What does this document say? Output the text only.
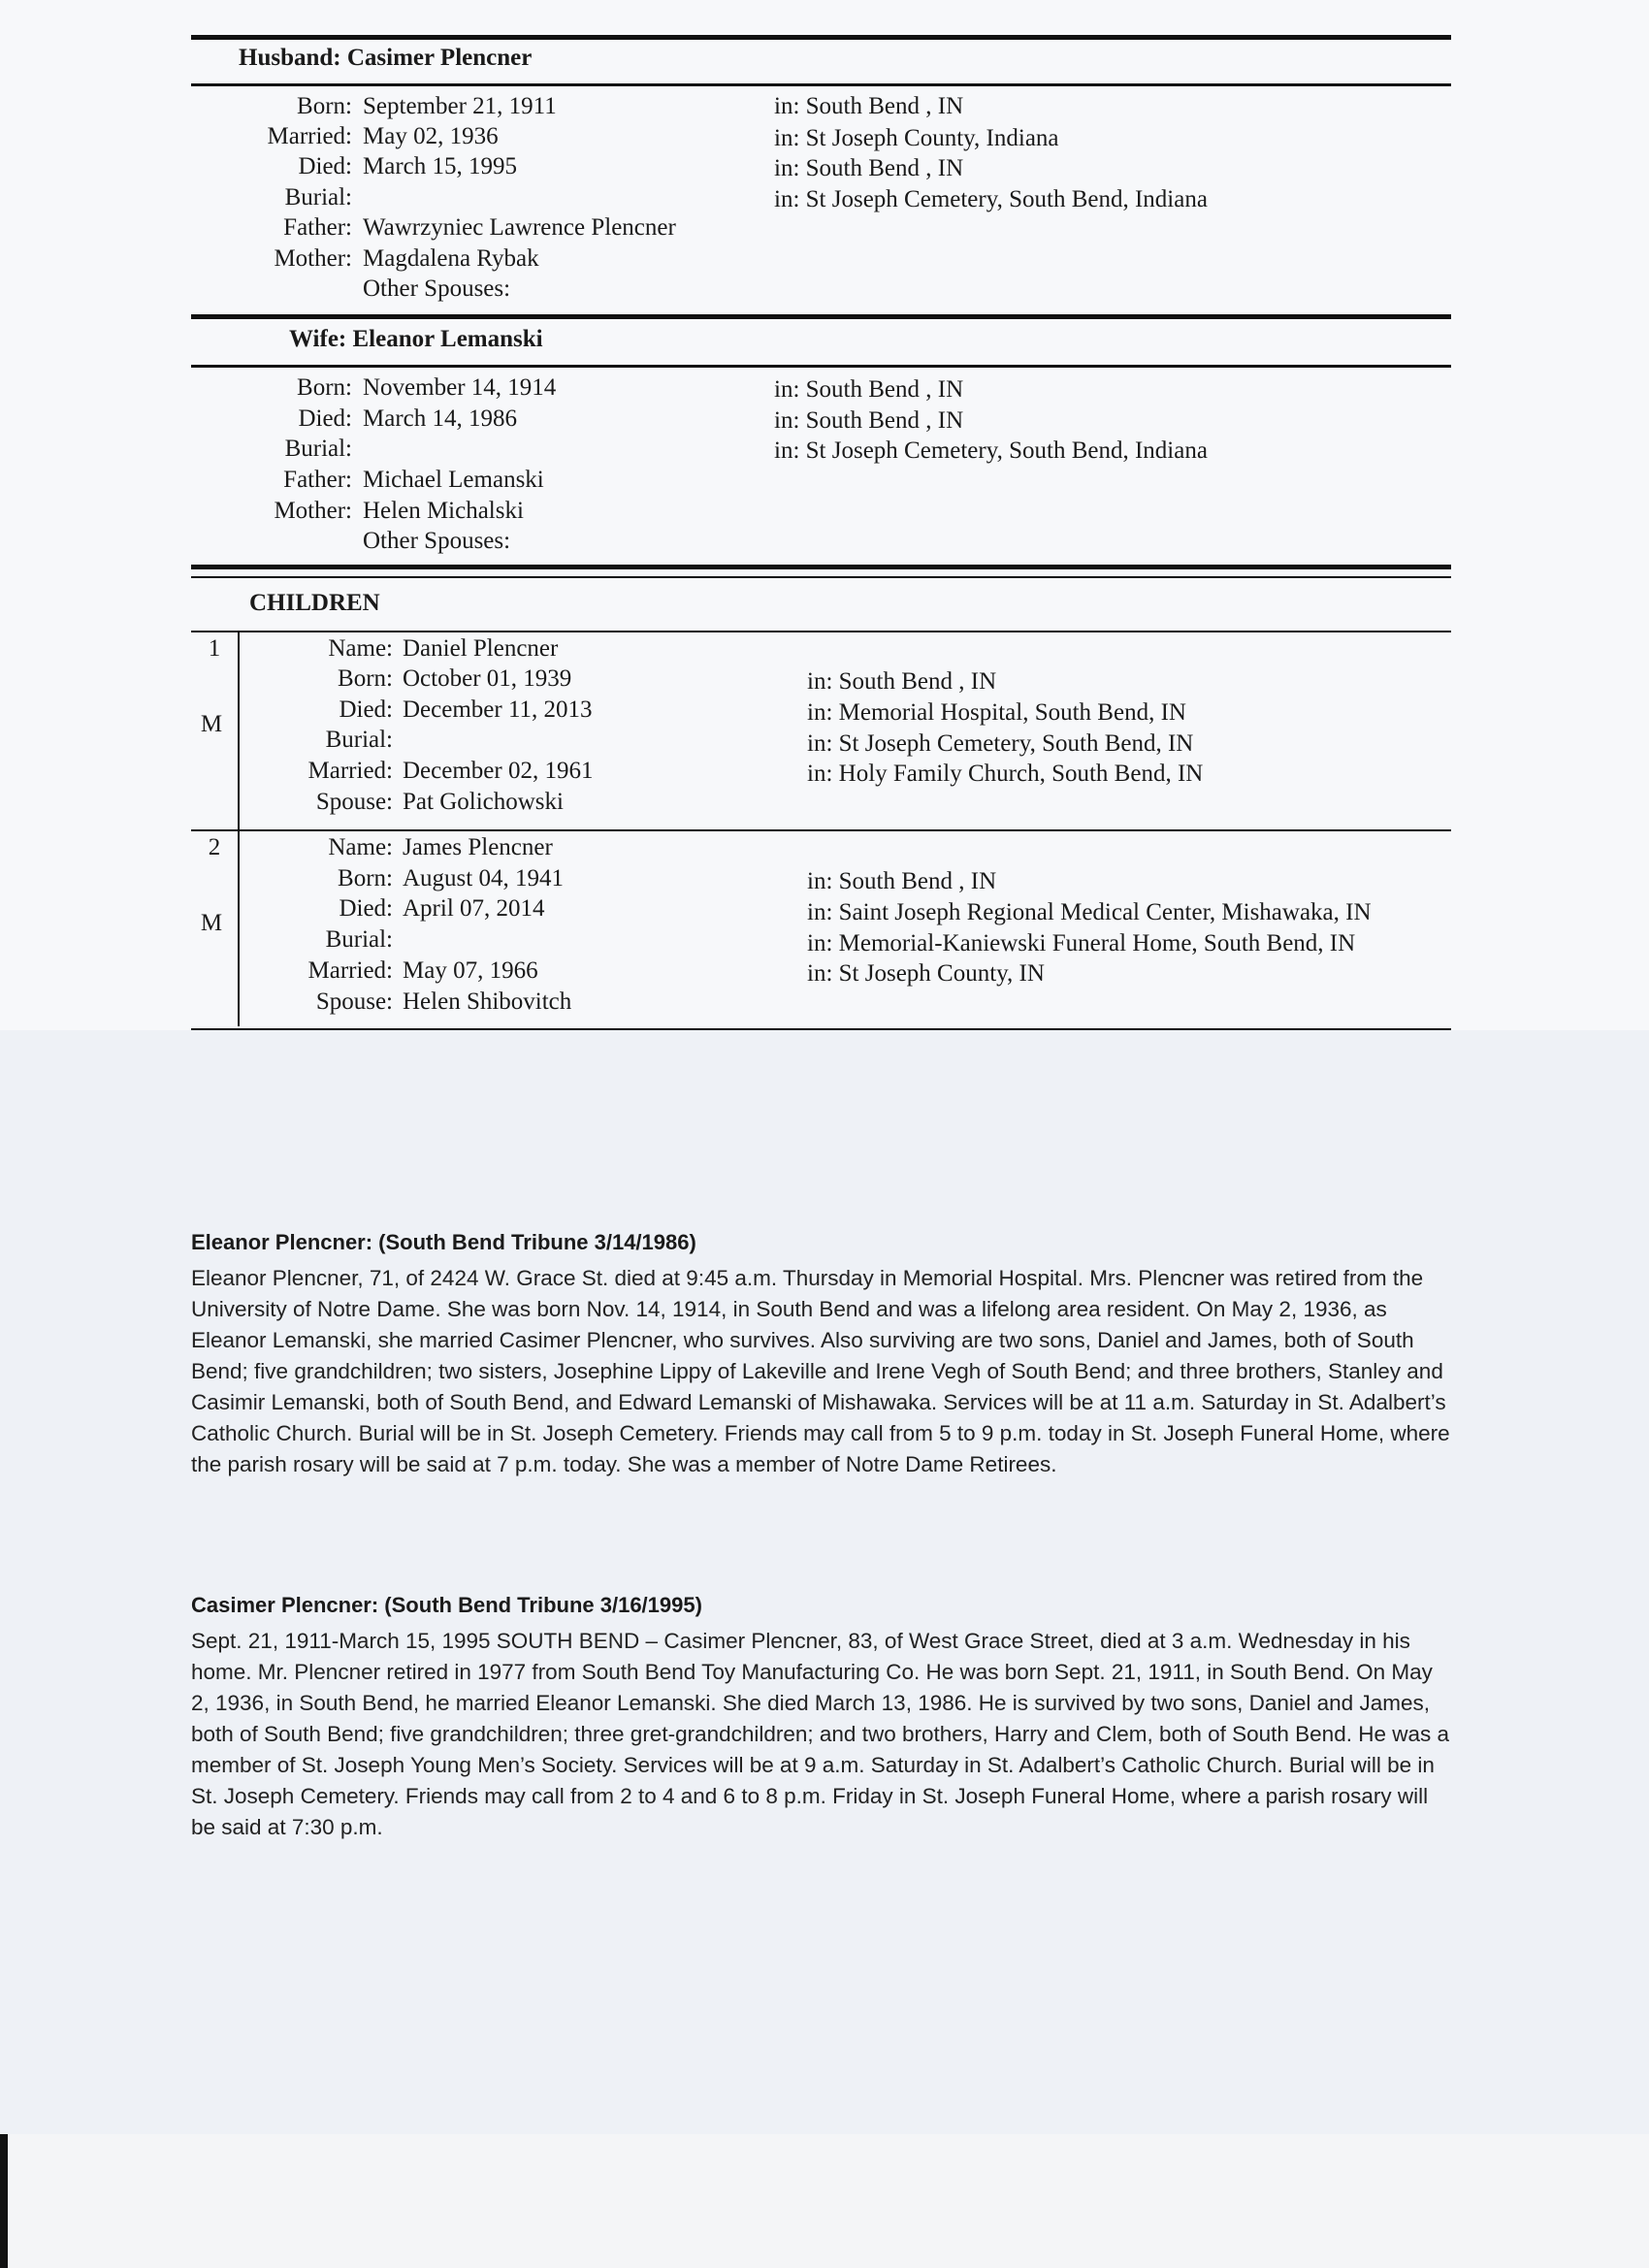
Husband: Casimer Plencner
Born: September 21, 1911	in: South Bend , IN
Married: May 02, 1936	in: St Joseph County, Indiana
Died: March 15, 1995	in: South Bend , IN
Burial:	in: St Joseph Cemetery, South Bend, Indiana
Father: Wawrzyniec Lawrence Plencner
Mother: Magdalena Rybak
Other Spouses:
Wife: Eleanor Lemanski
Born: November 14, 1914	in: South Bend , IN
Died: March 14, 1986	in: South Bend , IN
Burial:	in: St Joseph Cemetery, South Bend, Indiana
Father: Michael Lemanski
Mother: Helen Michalski
Other Spouses:
CHILDREN
1
M
Name: Daniel Plencner
Born: October 01, 1939	in: South Bend , IN
Died: December 11, 2013	in: Memorial Hospital, South Bend, IN
Burial:	in: St Joseph Cemetery, South Bend, IN
Married: December 02, 1961	in: Holy Family Church, South Bend, IN
Spouse: Pat Golichowski
2
M
Name: James Plencner
Born: August 04, 1941	in: South Bend , IN
Died: April 07, 2014	in: Saint Joseph Regional Medical Center, Mishawaka, IN
Burial:	in: Memorial-Kaniewski Funeral Home, South Bend, IN
Married: May 07, 1966	in: St Joseph County, IN
Spouse: Helen Shibovitch
Eleanor Plencner: (South Bend Tribune 3/14/1986)
Eleanor Plencner, 71, of 2424 W. Grace St. died at 9:45 a.m. Thursday in Memorial Hospital. Mrs. Plencner was retired from the University of Notre Dame. She was born Nov. 14, 1914, in South Bend and was a lifelong area resident. On May 2, 1936, as Eleanor Lemanski, she married Casimer Plencner, who survives. Also surviving are two sons, Daniel and James, both of South Bend; five grandchildren; two sisters, Josephine Lippy of Lakeville and Irene Vegh of South Bend; and three brothers, Stanley and Casimir Lemanski, both of South Bend, and Edward Lemanski of Mishawaka. Services will be at 11 a.m. Saturday in St. Adalbert’s Catholic Church. Burial will be in St. Joseph Cemetery. Friends may call from 5 to 9 p.m. today in St. Joseph Funeral Home, where the parish rosary will be said at 7 p.m. today. She was a member of Notre Dame Retirees.
Casimer Plencner: (South Bend Tribune 3/16/1995)
Sept. 21, 1911-March 15, 1995 SOUTH BEND – Casimer Plencner, 83, of West Grace Street, died at 3 a.m. Wednesday in his home. Mr. Plencner retired in 1977 from South Bend Toy Manufacturing Co. He was born Sept. 21, 1911, in South Bend. On May 2, 1936, in South Bend, he married Eleanor Lemanski. She died March 13, 1986. He is survived by two sons, Daniel and James, both of South Bend; five grandchildren; three gret-grandchildren; and two brothers, Harry and Clem, both of South Bend. He was a member of St. Joseph Young Men’s Society. Services will be at 9 a.m. Saturday in St. Adalbert’s Catholic Church. Burial will be in St. Joseph Cemetery. Friends may call from 2 to 4 and 6 to 8 p.m. Friday in St. Joseph Funeral Home, where a parish rosary will be said at 7:30 p.m.
